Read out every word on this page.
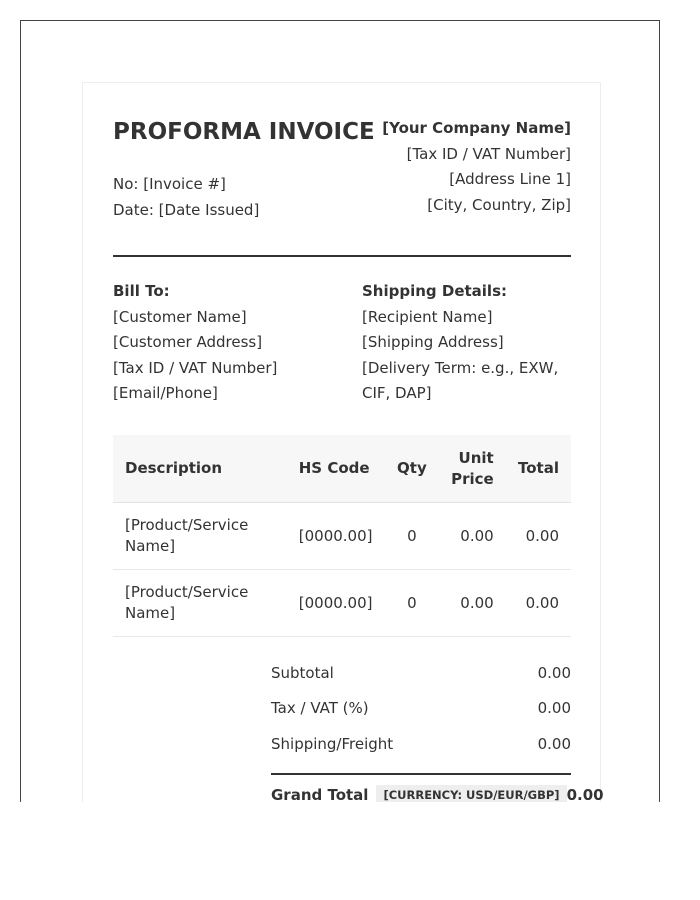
PROFORMA INVOICE
No: [Invoice #]
Date: [Date Issued]
[Your Company Name]
[Tax ID / VAT Number]
[Address Line 1]
[City, Country, Zip]
Bill To:
[Customer Name]
[Customer Address]
[Tax ID / VAT Number]
[Email/Phone]
Shipping Details:
[Recipient Name]
[Shipping Address]
[Delivery Term: e.g., EXW, CIF, DAP]
Description	HS Code	Qty	Unit Price	Total
[Product/Service Name]	[0000.00]	0	0.00	0.00
[Product/Service Name]	[0000.00]	0	0.00	0.00
Subtotal	0.00
Tax / VAT (%)	0.00
Shipping/Freight	0.00
Grand Total	[CURRENCY: USD/EUR/GBP] 0.00
